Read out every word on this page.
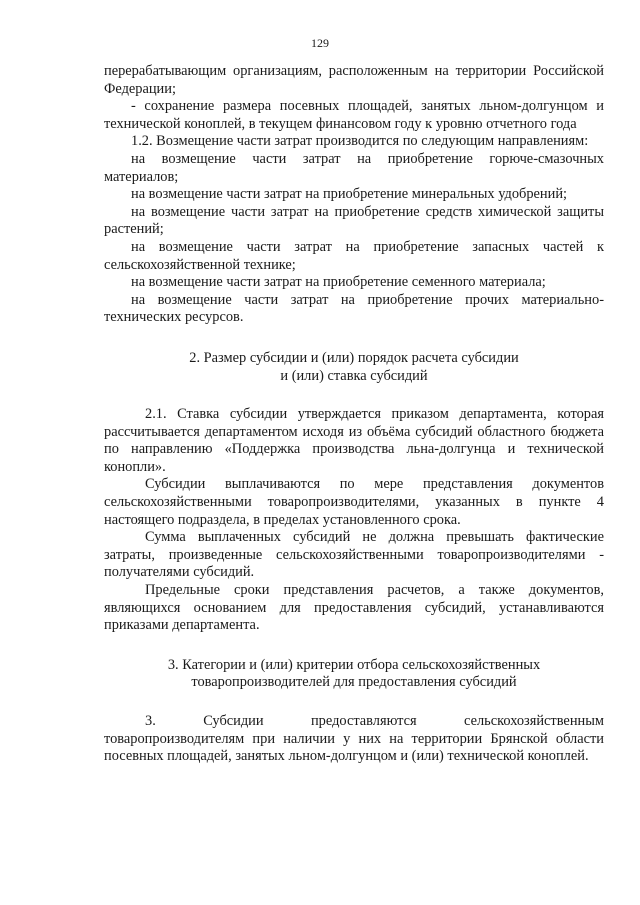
129

перерабатывающим организациям, расположенным на территории Российской Федерации;

- сохранение размера посевных площадей, занятых льном-долгунцом и технической коноплей, в текущем финансовом году к уровню отчетного года

1.2. Возмещение части затрат производится по следующим направлениям:

на возмещение части затрат на приобретение горюче-смазочных материалов;

на возмещение части затрат на приобретение минеральных удобрений;

на возмещение части затрат на приобретение средств химической защиты растений;

на возмещение части затрат на приобретение запасных частей к сельскохозяйственной технике;

на возмещение части затрат на приобретение семенного материала;

на возмещение части затрат на приобретение прочих материально-технических ресурсов.

2. Размер субсидии и (или) порядок расчета субсидии

и (или) ставка субсидий

2.1. Ставка субсидии утверждается приказом департамента, которая рассчитывается департаментом исходя из объёма субсидий областного бюджета по направлению «Поддержка производства льна-долгунца и технической конопли».

Субсидии выплачиваются по мере представления документов сельскохозяйственными товаропроизводителями, указанных в пункте 4 настоящего подраздела, в пределах установленного срока.

Сумма выплаченных субсидий не должна превышать фактические затраты, произведенные сельскохозяйственными товаропроизводителями - получателями субсидий.

Предельные сроки представления расчетов, а также документов, являющихся основанием для предоставления субсидий, устанавливаются приказами департамента.

3. Категории и (или) критерии отбора сельскохозяйственных

товаропроизводителей для предоставления субсидий

3. Субсидии предоставляются сельскохозяйственным товаропроизводителям при наличии у них на территории Брянской области посевных площадей, занятых льном-долгунцом и (или) технической коноплей.
